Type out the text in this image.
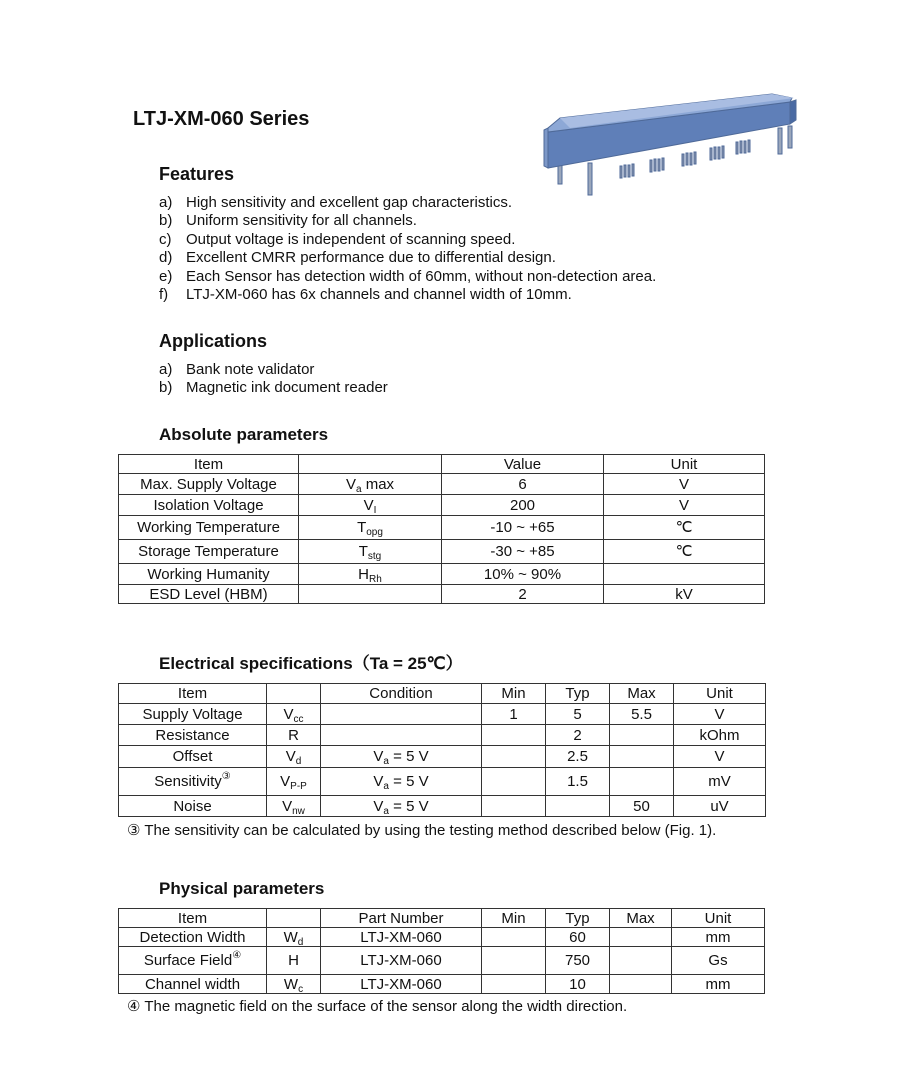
LTJ-XM-060 Series
Features
a) High sensitivity and excellent gap characteristics.
b) Uniform sensitivity for all channels.
c) Output voltage is independent of scanning speed.
d) Excellent CMRR performance due to differential design.
e) Each Sensor has detection width of 60mm, without non-detection area.
f) LTJ-XM-060 has 6x channels and channel width of 10mm.
Applications
a) Bank note validator
b) Magnetic ink document reader
Absolute parameters
Item		Value	Unit
Max. Supply Voltage	$V_a$ max	6	V
Isolation Voltage	$V_I$	200	V
Working Temperature	$T_{opg}$	-10 ~ +65	℃
Storage Temperature	$T_{stg}$	-30 ~ +85	℃
Working Humanity	$H_{Rh}$	10% ~ 90%	
ESD Level (HBM)		2	kV
Electrical specifications（Ta = 25℃）
Item		Condition	Min	Typ	Max	Unit
Supply Voltage	$V_{cc}$		1	5	5.5	V
Resistance	R			2		kOhm
Offset	$V_d$	$V_a = 5$ V		2.5		V
Sensitivity③	$V_{P-P}$	$V_a = 5$ V		1.5		mV
Noise	$V_{nw}$	$V_a = 5$ V			50	uV
③ The sensitivity can be calculated by using the testing method described below (Fig. 1).
Physical parameters
Item		Part Number	Min	Typ	Max	Unit
Detection Width	$W_d$	LTJ-XM-060		60		mm
Surface Field④	H	LTJ-XM-060		750		Gs
Channel width	$W_c$	LTJ-XM-060		10		mm
④ The magnetic field on the surface of the sensor along the width direction.
